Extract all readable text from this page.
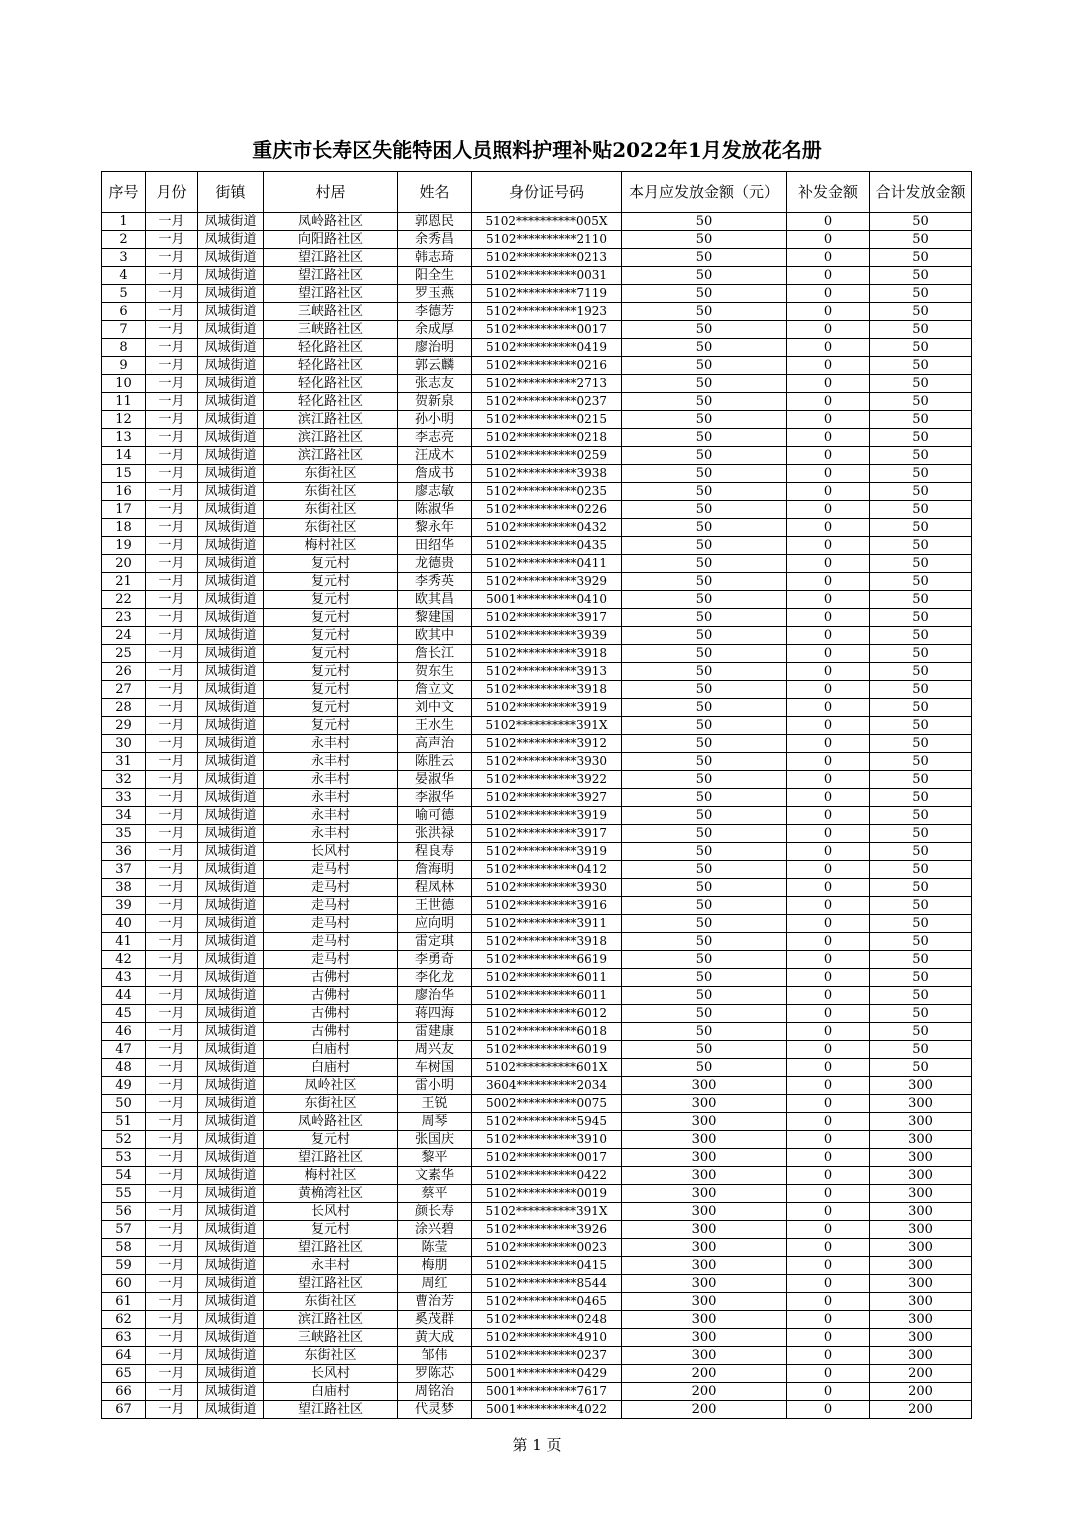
重庆市长寿区失能特困人员照料护理补贴2022年1月发放花名册
序号	月份	街镇	村居	姓名	身份证号码	本月应发放金额（元）	补发金额	合计发放金额
1	一月	凤城街道	凤岭路社区	郭恩民	5102**********005X	50	0	50
2	一月	凤城街道	向阳路社区	余秀昌	5102**********2110	50	0	50
3	一月	凤城街道	望江路社区	韩志琦	5102**********0213	50	0	50
4	一月	凤城街道	望江路社区	阳全生	5102**********0031	50	0	50
5	一月	凤城街道	望江路社区	罗玉燕	5102**********7119	50	0	50
6	一月	凤城街道	三峡路社区	李德芳	5102**********1923	50	0	50
7	一月	凤城街道	三峡路社区	余成厚	5102**********0017	50	0	50
8	一月	凤城街道	轻化路社区	廖治明	5102**********0419	50	0	50
9	一月	凤城街道	轻化路社区	郭云麟	5102**********0216	50	0	50
10	一月	凤城街道	轻化路社区	张志友	5102**********2713	50	0	50
11	一月	凤城街道	轻化路社区	贺新泉	5102**********0237	50	0	50
12	一月	凤城街道	滨江路社区	孙小明	5102**********0215	50	0	50
13	一月	凤城街道	滨江路社区	李志亮	5102**********0218	50	0	50
14	一月	凤城街道	滨江路社区	汪成木	5102**********0259	50	0	50
15	一月	凤城街道	东街社区	詹成书	5102**********3938	50	0	50
16	一月	凤城街道	东街社区	廖志敏	5102**********0235	50	0	50
17	一月	凤城街道	东街社区	陈淑华	5102**********0226	50	0	50
18	一月	凤城街道	东街社区	黎永年	5102**********0432	50	0	50
19	一月	凤城街道	梅村社区	田绍华	5102**********0435	50	0	50
20	一月	凤城街道	复元村	龙德贵	5102**********0411	50	0	50
21	一月	凤城街道	复元村	李秀英	5102**********3929	50	0	50
22	一月	凤城街道	复元村	欧其昌	5001**********0410	50	0	50
23	一月	凤城街道	复元村	黎建国	5102**********3917	50	0	50
24	一月	凤城街道	复元村	欧其中	5102**********3939	50	0	50
25	一月	凤城街道	复元村	詹长江	5102**********3918	50	0	50
26	一月	凤城街道	复元村	贺东生	5102**********3913	50	0	50
27	一月	凤城街道	复元村	詹立文	5102**********3918	50	0	50
28	一月	凤城街道	复元村	刘中文	5102**********3919	50	0	50
29	一月	凤城街道	复元村	王水生	5102**********391X	50	0	50
30	一月	凤城街道	永丰村	高声治	5102**********3912	50	0	50
31	一月	凤城街道	永丰村	陈胜云	5102**********3930	50	0	50
32	一月	凤城街道	永丰村	晏淑华	5102**********3922	50	0	50
33	一月	凤城街道	永丰村	李淑华	5102**********3927	50	0	50
34	一月	凤城街道	永丰村	喻可德	5102**********3919	50	0	50
35	一月	凤城街道	永丰村	张洪禄	5102**********3917	50	0	50
36	一月	凤城街道	长风村	程良寿	5102**********3919	50	0	50
37	一月	凤城街道	走马村	詹海明	5102**********0412	50	0	50
38	一月	凤城街道	走马村	程凤林	5102**********3930	50	0	50
39	一月	凤城街道	走马村	王世德	5102**********3916	50	0	50
40	一月	凤城街道	走马村	应向明	5102**********3911	50	0	50
41	一月	凤城街道	走马村	雷定琪	5102**********3918	50	0	50
42	一月	凤城街道	走马村	李勇奇	5102**********6619	50	0	50
43	一月	凤城街道	古佛村	李化龙	5102**********6011	50	0	50
44	一月	凤城街道	古佛村	廖治华	5102**********6011	50	0	50
45	一月	凤城街道	古佛村	蒋四海	5102**********6012	50	0	50
46	一月	凤城街道	古佛村	雷建康	5102**********6018	50	0	50
47	一月	凤城街道	白庙村	周兴友	5102**********6019	50	0	50
48	一月	凤城街道	白庙村	车树国	5102**********601X	50	0	50
49	一月	凤城街道	凤岭社区	雷小明	3604**********2034	300	0	300
50	一月	凤城街道	东街社区	王锐	5002**********0075	300	0	300
51	一月	凤城街道	凤岭路社区	周琴	5102**********5945	300	0	300
52	一月	凤城街道	复元村	张国庆	5102**********3910	300	0	300
53	一月	凤城街道	望江路社区	黎平	5102**********0017	300	0	300
54	一月	凤城街道	梅村社区	文素华	5102**********0422	300	0	300
55	一月	凤城街道	黄桷湾社区	蔡平	5102**********0019	300	0	300
56	一月	凤城街道	长风村	颜长寿	5102**********391X	300	0	300
57	一月	凤城街道	复元村	涂兴碧	5102**********3926	300	0	300
58	一月	凤城街道	望江路社区	陈莹	5102**********0023	300	0	300
59	一月	凤城街道	永丰村	梅朋	5102**********0415	300	0	300
60	一月	凤城街道	望江路社区	周红	5102**********8544	300	0	300
61	一月	凤城街道	东街社区	曹治芳	5102**********0465	300	0	300
62	一月	凤城街道	滨江路社区	奚茂群	5102**********0248	300	0	300
63	一月	凤城街道	三峡路社区	黄大成	5102**********4910	300	0	300
64	一月	凤城街道	东街社区	邹伟	5102**********0237	300	0	300
65	一月	凤城街道	长风村	罗陈芯	5001**********0429	200	0	200
66	一月	凤城街道	白庙村	周铭治	5001**********7617	200	0	200
67	一月	凤城街道	望江路社区	代灵梦	5001**********4022	200	0	200
第 1 页
